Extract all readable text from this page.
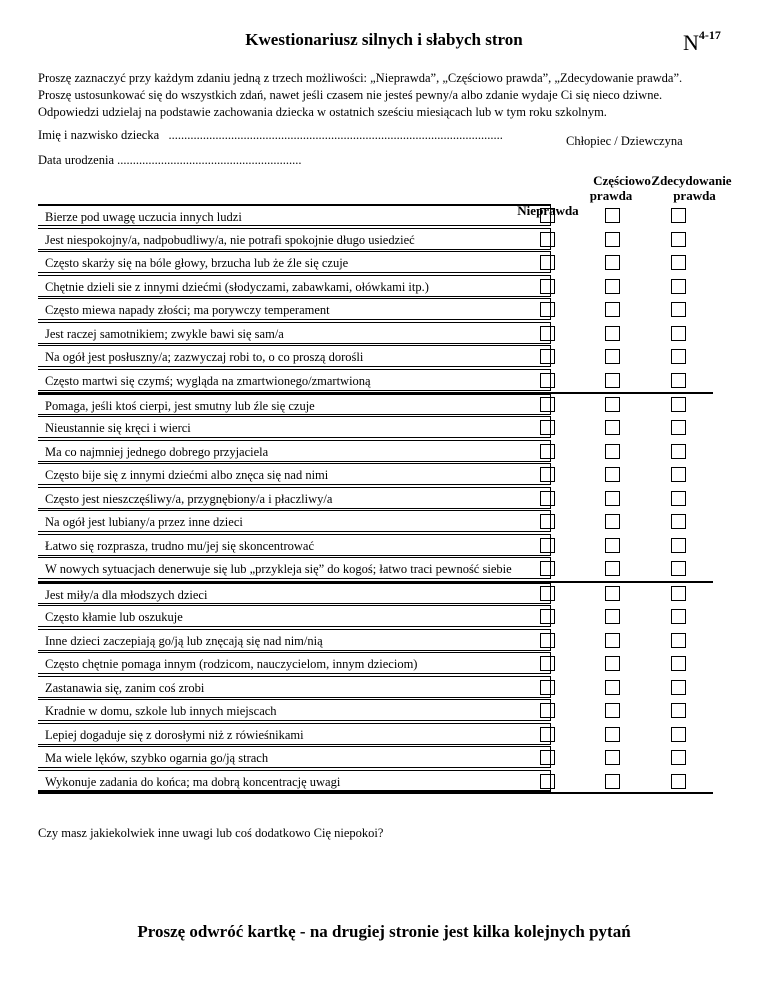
Kwestionariusz silnych i słabych stron	$N^{4-17}$
Proszę zaznaczyć przy każdym zdaniu jedną z trzech możliwości: „Nieprawda”, „Częściowo prawda”, „Zdecydowanie prawda”.
Proszę ustosunkować się do wszystkich zdań, nawet jeśli czasem nie jesteś pewny/a albo zdanie wydaje Ci się nieco dziwne.
Odpowiedzi udzielaj na podstawie zachowania dziecka w ostatnich sześciu miesiącach lub w tym roku szkolnym.
Imię i nazwisko dziecka ...........................................................................................................	Chłopiec / Dziewczyna
Data urodzenia ...........................................................
Nieprawda
Częściowo
prawda
Zdecydowanie
prawda
Bierze pod uwagę uczucia innych ludzi
Jest niespokojny/a, nadpobudliwy/a, nie potrafi spokojnie długo usiedzieć
Często skarży się na bóle głowy, brzucha lub że źle się czuje
Chętnie dzieli sie z innymi dziećmi (słodyczami, zabawkami, ołówkami itp.)
Często miewa napady złości; ma porywczy temperament
Jest raczej samotnikiem; zwykle bawi się sam/a
Na ogół jest posłuszny/a; zazwyczaj robi to, o co proszą dorośli
Często martwi się czymś; wygląda na zmartwionego/zmartwioną
Pomaga, jeśli ktoś cierpi, jest smutny lub źle się czuje
Nieustannie się kręci i wierci
Ma co najmniej jednego dobrego przyjaciela
Często bije się z innymi dziećmi albo znęca się nad nimi
Często jest nieszczęśliwy/a, przygnębiony/a i płaczliwy/a
Na ogół jest lubiany/a przez inne dzieci
Łatwo się rozprasza, trudno mu/jej się skoncentrować
W nowych sytuacjach denerwuje się lub „przykleja się” do kogoś; łatwo traci pewność siebie
Jest miły/a dla młodszych dzieci
Często kłamie lub oszukuje
Inne dzieci zaczepiają go/ją lub znęcają się nad nim/nią
Często chętnie pomaga innym (rodzicom, nauczycielom, innym dzieciom)
Zastanawia się, zanim coś zrobi
Kradnie w domu, szkole lub innych miejscach
Lepiej dogaduje się z dorosłymi niż z rówieśnikami
Ma wiele lęków, szybko ogarnia go/ją strach
Wykonuje zadania do końca; ma dobrą koncentrację uwagi
Czy masz jakiekolwiek inne uwagi lub coś dodatkowo Cię niepokoi?
Proszę odwróć kartkę - na drugiej stronie jest kilka kolejnych pytań
